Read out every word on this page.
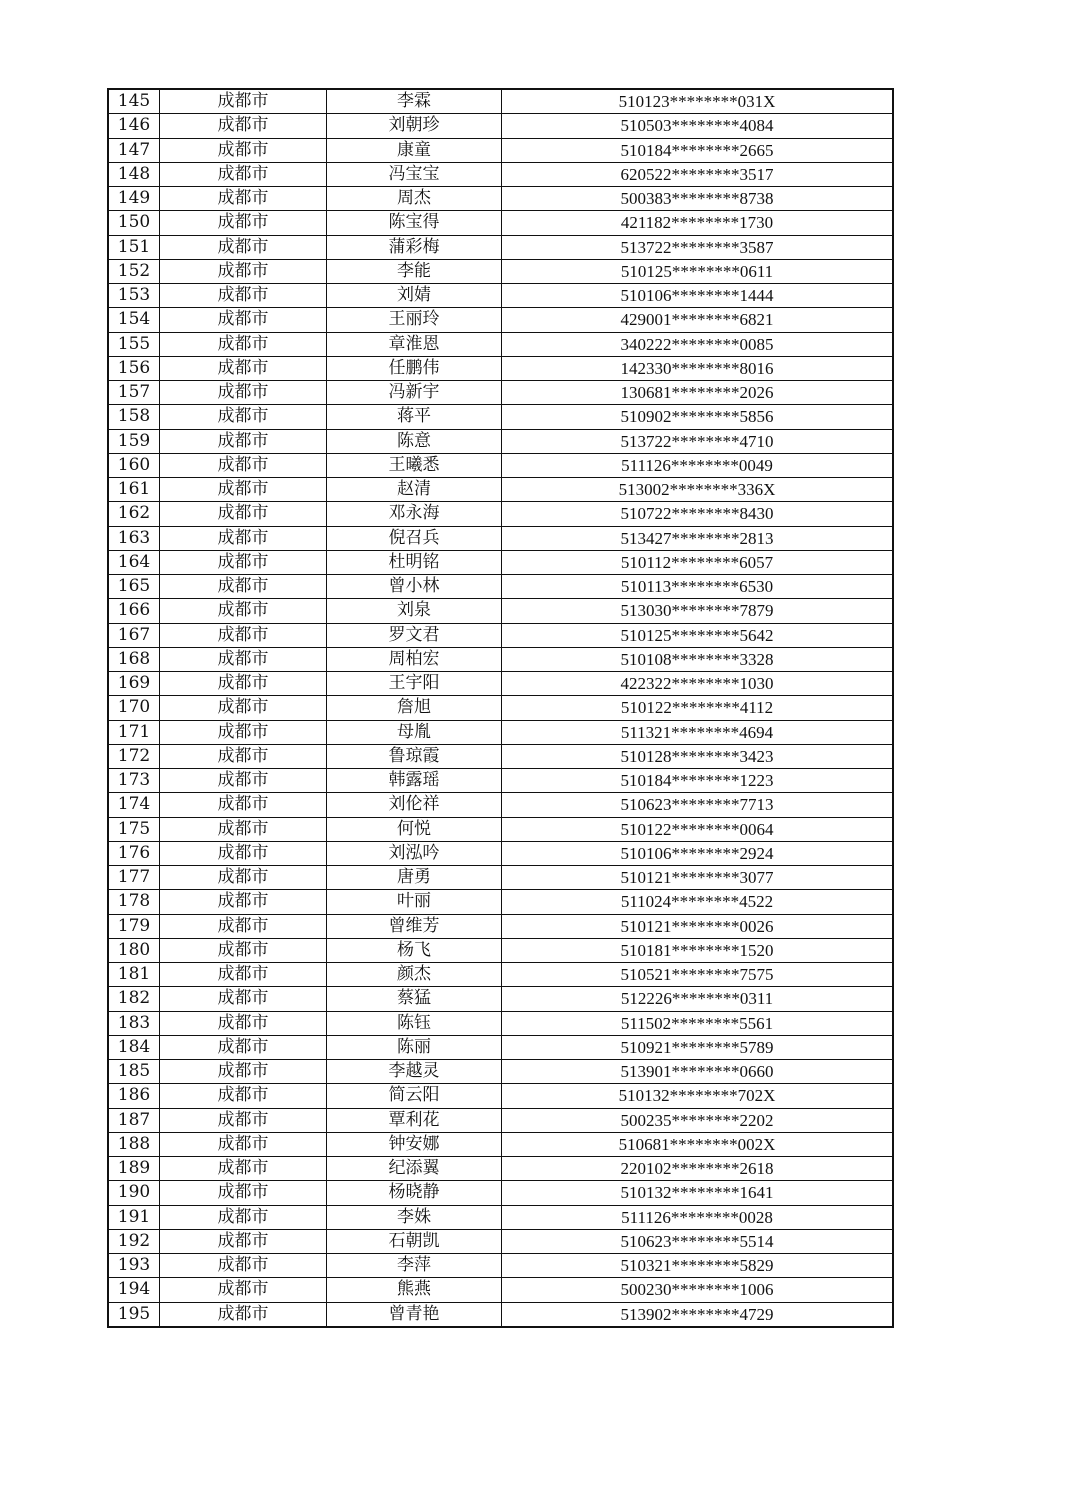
145	成都市	李霖	510123********031X
146	成都市	刘朝珍	510503********4084
147	成都市	康童	510184********2665
148	成都市	冯宝宝	620522********3517
149	成都市	周杰	500383********8738
150	成都市	陈宝得	421182********1730
151	成都市	蒲彩梅	513722********3587
152	成都市	李能	510125********0611
153	成都市	刘婧	510106********1444
154	成都市	王丽玲	429001********6821
155	成都市	章淮恩	340222********0085
156	成都市	任鹏伟	142330********8016
157	成都市	冯新宇	130681********2026
158	成都市	蒋平	510902********5856
159	成都市	陈意	513722********4710
160	成都市	王曦悉	511126********0049
161	成都市	赵清	513002********336X
162	成都市	邓永海	510722********8430
163	成都市	倪召兵	513427********2813
164	成都市	杜明铭	510112********6057
165	成都市	曾小林	510113********6530
166	成都市	刘泉	513030********7879
167	成都市	罗文君	510125********5642
168	成都市	周柏宏	510108********3328
169	成都市	王宇阳	422322********1030
170	成都市	詹旭	510122********4112
171	成都市	母胤	511321********4694
172	成都市	鲁琼霞	510128********3423
173	成都市	韩露瑶	510184********1223
174	成都市	刘伦祥	510623********7713
175	成都市	何悦	510122********0064
176	成都市	刘泓吟	510106********2924
177	成都市	唐勇	510121********3077
178	成都市	叶丽	511024********4522
179	成都市	曾维芳	510121********0026
180	成都市	杨飞	510181********1520
181	成都市	颜杰	510521********7575
182	成都市	蔡猛	512226********0311
183	成都市	陈钰	511502********5561
184	成都市	陈丽	510921********5789
185	成都市	李越灵	513901********0660
186	成都市	简云阳	510132********702X
187	成都市	覃利花	500235********2202
188	成都市	钟安娜	510681********002X
189	成都市	纪添翼	220102********2618
190	成都市	杨晓静	510132********1641
191	成都市	李姝	511126********0028
192	成都市	石朝凯	510623********5514
193	成都市	李萍	510321********5829
194	成都市	熊燕	500230********1006
195	成都市	曾青艳	513902********4729
